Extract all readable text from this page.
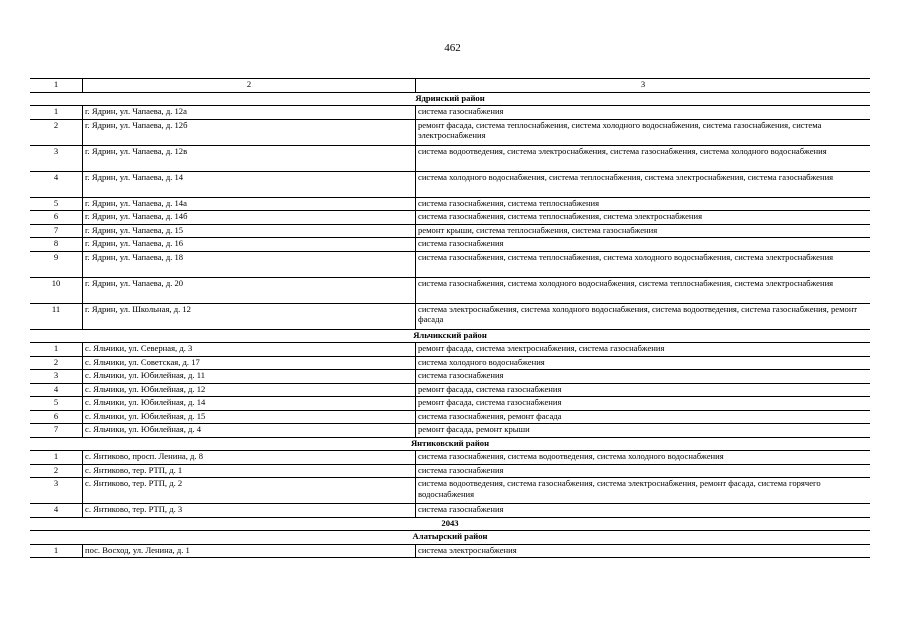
462
1	2	3
Ядринский район		
1	г. Ядрин, ул. Чапаева, д. 12а	система газоснабжения
2	г. Ядрин, ул. Чапаева, д. 12б	ремонт фасада, система теплоснабжения, система холодного водоснабжения, система газоснабжения, система электроснабжения
3	г. Ядрин, ул. Чапаева, д. 12в	система водоотведения, система электроснабжения, система газоснабжения, система холодного водоснабжения
4	г. Ядрин, ул. Чапаева, д. 14	система холодного водоснабжения, система теплоснабжения, система электроснабжения, система газоснабжения
5	г. Ядрин, ул. Чапаева, д. 14а	система газоснабжения, система теплоснабжения
6	г. Ядрин, ул. Чапаева, д. 14б	система газоснабжения, система теплоснабжения, система электроснабжения
7	г. Ядрин, ул. Чапаева, д. 15	ремонт крыши, система теплоснабжения, система газоснабжения
8	г. Ядрин, ул. Чапаева, д. 16	система газоснабжения
9	г. Ядрин, ул. Чапаева, д. 18	система газоснабжения, система теплоснабжения, система холодного водоснабжения, система электроснабжения
10	г. Ядрин, ул. Чапаева, д. 20	система газоснабжения, система холодного водоснабжения, система теплоснабжения, система электроснабжения
11	г. Ядрин, ул. Школьная, д. 12	система электроснабжения, система холодного водоснабжения, система водоотведения, система газоснабжения, ремонт фасада
Яльчикский район		
1	с. Яльчики, ул. Северная, д. 3	ремонт фасада, система электроснабжения, система газоснабжения
2	с. Яльчики, ул. Советская, д. 17	система холодного водоснабжения
3	с. Яльчики, ул. Юбилейная, д. 11	система газоснабжения
4	с. Яльчики, ул. Юбилейная, д. 12	ремонт фасада, система газоснабжения
5	с. Яльчики, ул. Юбилейная, д. 14	ремонт фасада, система газоснабжения
6	с. Яльчики, ул. Юбилейная, д. 15	система газоснабжения, ремонт фасада
7	с. Яльчики, ул. Юбилейная, д. 4	ремонт фасада, ремонт крыши
Янтиковский район		
1	с. Янтиково, просп. Ленина, д. 8	система газоснабжения, система водоотведения, система холодного водоснабжения
2	с. Янтиково, тер. РТП, д. 1	система газоснабжения
3	с. Янтиково, тер. РТП, д. 2	система водоотведения, система газоснабжения, система электроснабжения, ремонт фасада, система горячего водоснабжения
4	с. Янтиково, тер. РТП, д. 3	система газоснабжения
2043		
Алатырский район		
1	пос. Восход, ул. Ленина, д. 1	система электроснабжения
